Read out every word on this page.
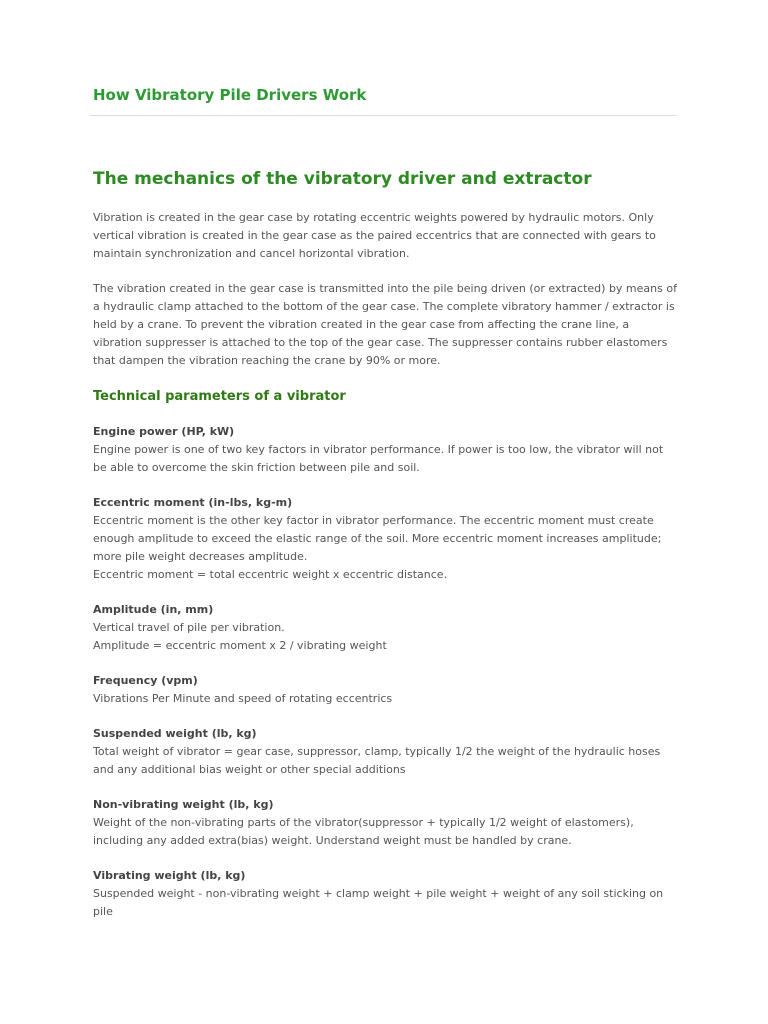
How Vibratory Pile Drivers Work
The mechanics of the vibratory driver and extractor

Vibration is created in the gear case by rotating eccentric weights powered by hydraulic motors. Only vertical vibration is created in the gear case as the paired eccentrics that are connected with gears to maintain synchronization and cancel horizontal vibration.

The vibration created in the gear case is transmitted into the pile being driven (or extracted) by means of a hydraulic clamp attached to the bottom of the gear case. The complete vibratory hammer / extractor is held by a crane. To prevent the vibration created in the gear case from affecting the crane line, a vibration suppresser is attached to the top of the gear case. The suppresser contains rubber elastomers that dampen the vibration reaching the crane by 90% or more.

Technical parameters of a vibrator
Engine power (HP, kW)
Engine power is one of two key factors in vibrator performance. If power is too low, the vibrator will not be able to overcome the skin friction between pile and soil.
Eccentric moment (in-lbs, kg-m)
Eccentric moment is the other key factor in vibrator performance. The eccentric moment must create enough amplitude to exceed the elastic range of the soil. More eccentric moment increases amplitude; more pile weight decreases amplitude.
Eccentric moment = total eccentric weight x eccentric distance.
Amplitude (in, mm)
Vertical travel of pile per vibration.
Amplitude = eccentric moment x 2 / vibrating weight
Frequency (vpm)
Vibrations Per Minute and speed of rotating eccentrics
Suspended weight (lb, kg)
Total weight of vibrator = gear case, suppressor, clamp, typically 1/2 the weight of the hydraulic hoses and any additional bias weight or other special additions
Non-vibrating weight (lb, kg)
Weight of the non-vibrating parts of the vibrator(suppressor + typically 1/2 weight of elastomers), including any added extra(bias) weight. Understand weight must be handled by crane.
Vibrating weight (lb, kg)
Suspended weight - non-vibrating weight + clamp weight + pile weight + weight of any soil sticking on pile
